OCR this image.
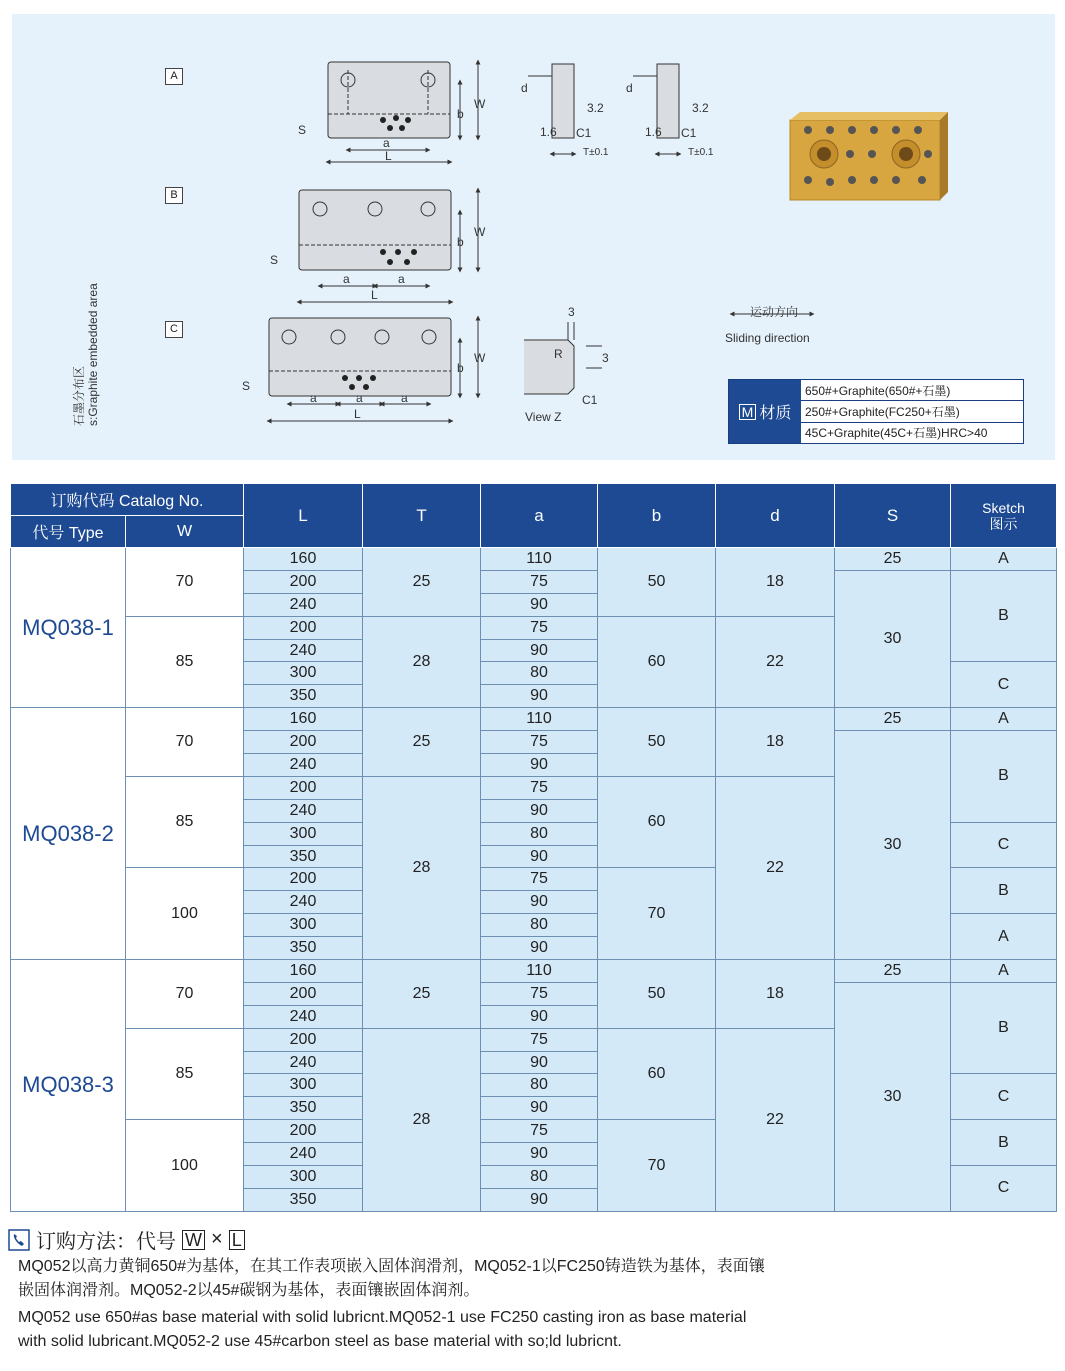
S
a
L
b
W
d	d
1.6	1.6
3.2	3.2
C1	C1
T±0.1	T±0.1
S
a	a
L
b
W
S
a	a	a
L
b
W
3
3
R
C1
A
B
C
石墨分布区 s:Graphite embedded area	View Z
运动方向
Sliding direction
M 材质
650#+Graphite(650#+石墨)
250#+Graphite(FC250+石墨)
45C+Graphite(45C+石墨)HRC>40
订购代码 Catalog No.		L	T	a	b	d	S	Sketch
图示
代号 Type	W							
MQ038-1	70	160	25	110	50	18	25	A
		200		75			30	B
		240		90				
	85	200	28	75	60	22		
		240		90				
		300		80				C
		350		90				
MQ038-2	70	160	25	110	50	18	25	A
		200		75			30	B
		240		90				
	85	200	28	75	60	22		
		240		90				
		300		80				C
		350		90				
	100	200		75	70			B
		240		90				
		300		80				A
		350		90				
MQ038-3	70	160	25	110	50	18	25	A
		200		75			30	B
		240		90				
	85	200	28	75	60	22		
		240		90				
		300		80				C
		350		90				
	100	200		75	70			B
		240		90				
		300		80				C
		350		90				
订购方法：代号 W × L
MQ052以高力黄铜650#为基体，在其工作表项嵌入固体润滑剂，MQ052-1以FC250铸造铁为基体，表面镶
嵌固体润滑剂。MQ052-2以45#碳钢为基体，表面镶嵌固体润剂。
MQ052 use 650#as base material with solid lubricnt.MQ052-1 use FC250 casting iron as base material
with solid lubricant.MQ052-2 use 45#carbon steel as base material with so;ld lubricnt.
